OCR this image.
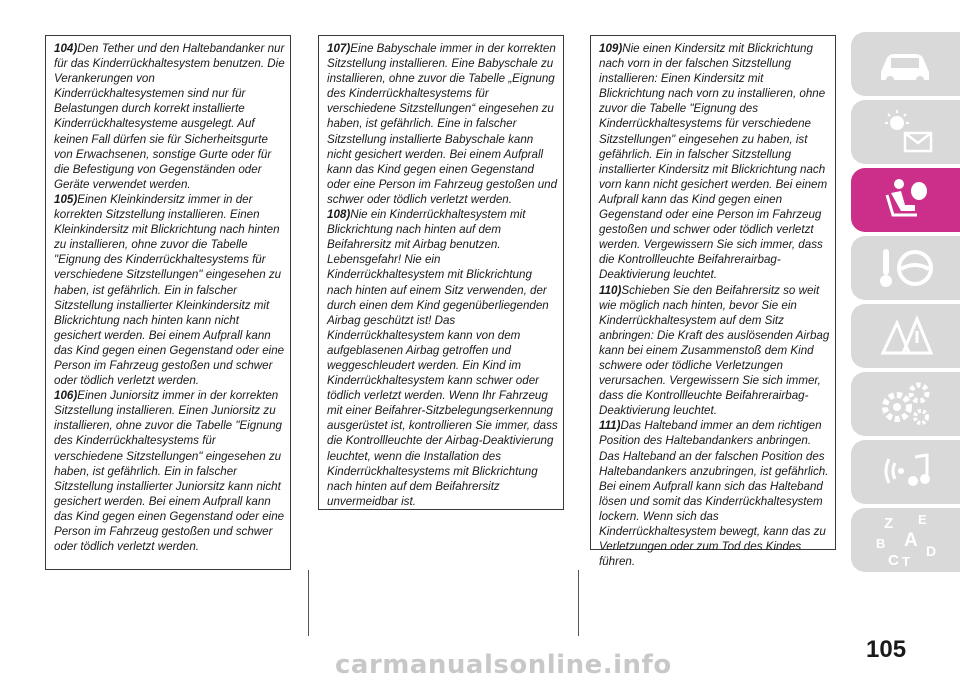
104)Den Tether und den Haltebandanker nur für das Kinderrückhaltesystem benutzen. Die Verankerungen von Kinderrückhaltesystemen sind nur für Belastungen durch korrekt installierte Kinderrückhaltesysteme ausgelegt. Auf keinen Fall dürfen sie für Sicherheitsgurte von Erwachsenen, sonstige Gurte oder für die Befestigung von Gegenständen oder Geräte verwendet werden.

105)Einen Kleinkindersitz immer in der korrekten Sitzstellung installieren. Einen Kleinkindersitz mit Blickrichtung nach hinten zu installieren, ohne zuvor die Tabelle "Eignung des Kinderrückhaltesystems für verschiedene Sitzstellungen" eingesehen zu haben, ist gefährlich. Ein in falscher Sitzstellung installierter Kleinkindersitz mit Blickrichtung nach hinten kann nicht gesichert werden. Bei einem Aufprall kann das Kind gegen einen Gegenstand oder eine Person im Fahrzeug gestoßen und schwer oder tödlich verletzt werden.

106)Einen Juniorsitz immer in der korrekten Sitzstellung installieren. Einen Juniorsitz zu installieren, ohne zuvor die Tabelle "Eignung des Kinderrückhaltesystems für verschiedene Sitzstellungen" eingesehen zu haben, ist gefährlich. Ein in falscher Sitzstellung installierter Juniorsitz kann nicht gesichert werden. Bei einem Aufprall kann das Kind gegen einen Gegenstand oder eine Person im Fahrzeug gestoßen und schwer oder tödlich verletzt werden.

107)Eine Babyschale immer in der korrekten Sitzstellung installieren. Eine Babyschale zu installieren, ohne zuvor die Tabelle „Eignung des Kinderrückhaltesystems für verschiedene Sitzstellungen“ eingesehen zu haben, ist gefährlich. Eine in falscher Sitzstellung installierte Babyschale kann nicht gesichert werden. Bei einem Aufprall kann das Kind gegen einen Gegenstand oder eine Person im Fahrzeug gestoßen und schwer oder tödlich verletzt werden.

108)Nie ein Kinderrückhaltesystem mit Blickrichtung nach hinten auf dem Beifahrersitz mit Airbag benutzen. Lebensgefahr! Nie ein Kinderrückhaltesystem mit Blickrichtung nach hinten auf einem Sitz verwenden, der durch einen dem Kind gegenüberliegenden Airbag geschützt ist! Das Kinderrückhaltesystem kann von dem aufgeblasenen Airbag getroffen und weggeschleudert werden. Ein Kind im Kinderrückhaltesystem kann schwer oder tödlich verletzt werden. Wenn Ihr Fahrzeug mit einer Beifahrer-Sitzbelegungserkennung ausgerüstet ist, kontrollieren Sie immer, dass die Kontrollleuchte der Airbag-Deaktivierung leuchtet, wenn die Installation des Kinderrückhaltesystems mit Blickrichtung nach hinten auf dem Beifahrersitz unvermeidbar ist.

109)Nie einen Kindersitz mit Blickrichtung nach vorn in der falschen Sitzstellung installieren: Einen Kindersitz mit Blickrichtung nach vorn zu installieren, ohne zuvor die Tabelle "Eignung des Kinderrückhaltesystems für verschiedene Sitzstellungen" eingesehen zu haben, ist gefährlich. Ein in falscher Sitzstellung installierter Kindersitz mit Blickrichtung nach vorn kann nicht gesichert werden. Bei einem Aufprall kann das Kind gegen einen Gegenstand oder eine Person im Fahrzeug gestoßen und schwer oder tödlich verletzt werden. Vergewissern Sie sich immer, dass die Kontrollleuchte Beifahrerairbag-Deaktivierung leuchtet.

110)Schieben Sie den Beifahrersitz so weit wie möglich nach hinten, bevor Sie ein Kinderrückhaltesystem auf dem Sitz anbringen: Die Kraft des auslösenden Airbag kann bei einem Zusammenstoß dem Kind schwere oder tödliche Verletzungen verursachen. Vergewissern Sie sich immer, dass die Kontrollleuchte Beifahrerairbag-Deaktivierung leuchtet.

111)Das Halteband immer an dem richtigen Position des Haltebandankers anbringen. Das Halteband an der falschen Position des Haltebandankers anzubringen, ist gefährlich. Bei einem Aufprall kann sich das Halteband lösen und somit das Kinderrückhaltesystem lockern. Wenn sich das Kinderrückhaltesystem bewegt, kann das zu Verletzungen oder zum Tod des Kindes führen.

Z E
B A
C T
D
105
carmanualsonline.info
